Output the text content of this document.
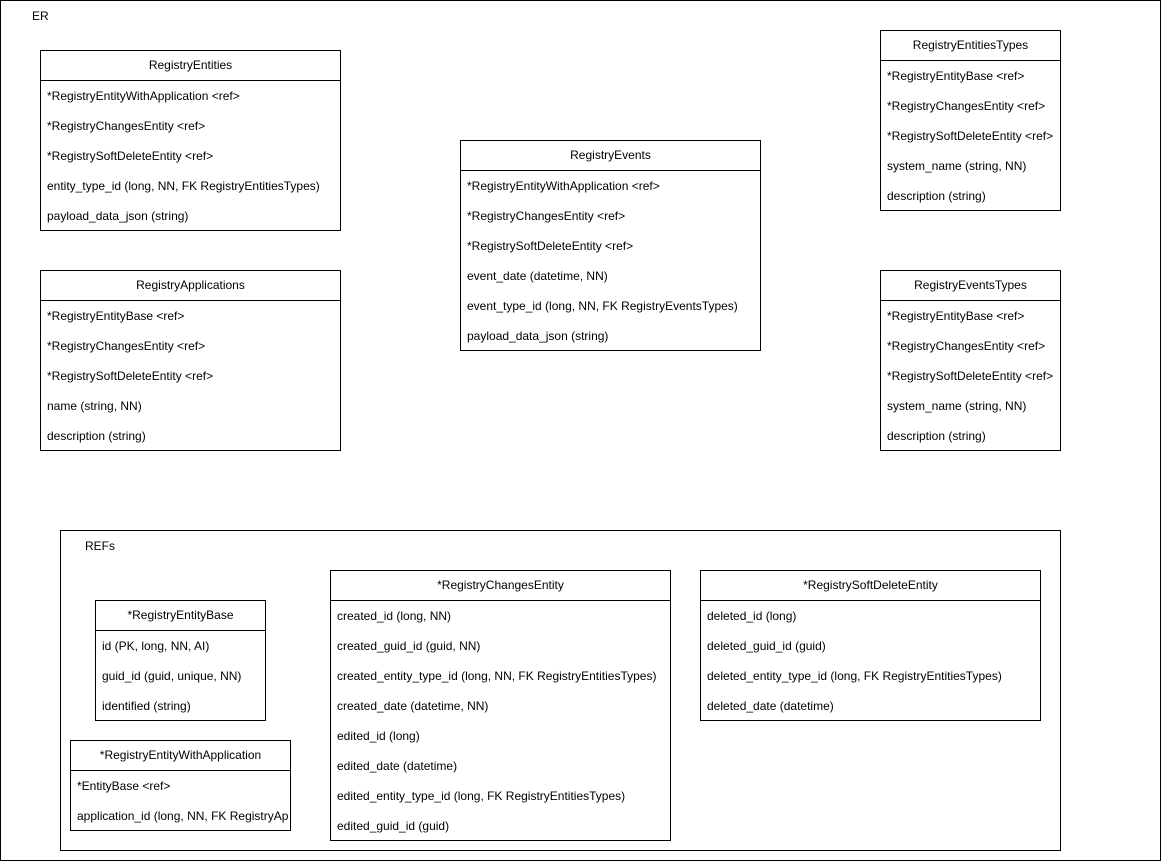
ER
REFs
RegistryEntities
*RegistryEntityWithApplication <ref>
*RegistryChangesEntity <ref>
*RegistrySoftDeleteEntity <ref>
entity_type_id (long, NN, FK RegistryEntitiesTypes)
payload_data_json (string)
RegistryApplications
*RegistryEntityBase <ref>
*RegistryChangesEntity <ref>
*RegistrySoftDeleteEntity <ref>
name (string, NN)
description (string)
RegistryEvents
*RegistryEntityWithApplication <ref>
*RegistryChangesEntity <ref>
*RegistrySoftDeleteEntity <ref>
event_date (datetime, NN)
event_type_id (long, NN, FK RegistryEventsTypes)
payload_data_json (string)
RegistryEntitiesTypes
*RegistryEntityBase <ref>
*RegistryChangesEntity <ref>
*RegistrySoftDeleteEntity <ref>
system_name (string, NN)
description (string)
RegistryEventsTypes
*RegistryEntityBase <ref>
*RegistryChangesEntity <ref>
*RegistrySoftDeleteEntity <ref>
system_name (string, NN)
description (string)
*RegistryEntityBase
id (PK, long, NN, AI)
guid_id (guid, unique, NN)
identified (string)
*RegistryEntityWithApplication
*EntityBase <ref>
application_id (long, NN, FK RegistryAp
*RegistryChangesEntity
created_id (long, NN)
created_guid_id (guid, NN)
created_entity_type_id (long, NN, FK RegistryEntitiesTypes)
created_date (datetime, NN)
edited_id (long)
edited_date (datetime)
edited_entity_type_id (long, FK RegistryEntitiesTypes)
edited_guid_id (guid)
*RegistrySoftDeleteEntity
deleted_id (long)
deleted_guid_id (guid)
deleted_entity_type_id (long, FK RegistryEntitiesTypes)
deleted_date (datetime)
